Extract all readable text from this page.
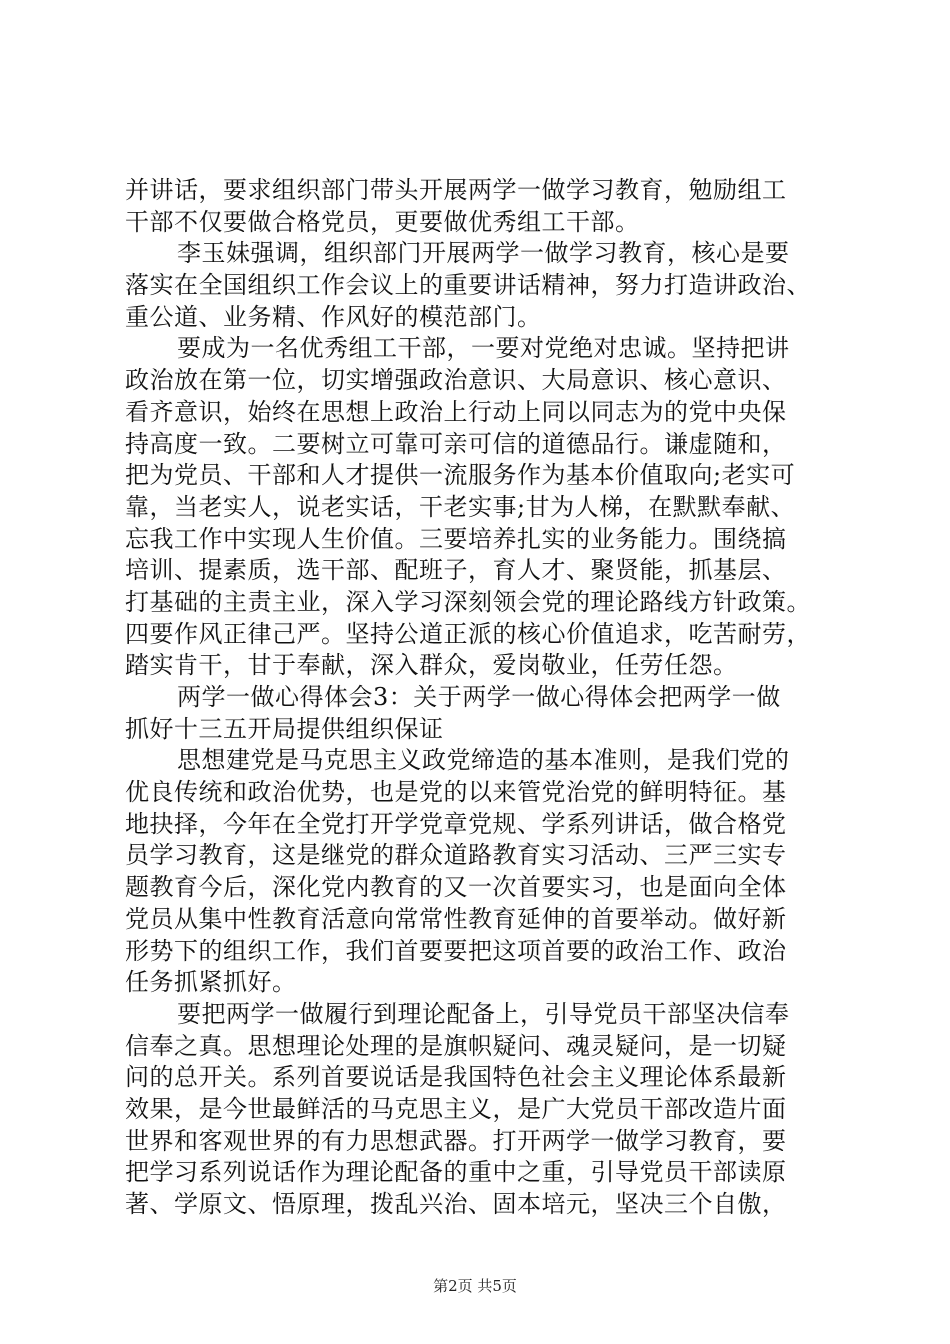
并讲话，要求组织部门带头开展两学一做学习教育，勉励组工
干部不仅要做合格党员，更要做优秀组工干部。
李玉妹强调，组织部门开展两学一做学习教育，核心是要
落实在全国组织工作会议上的重要讲话精神，努力打造讲政治、
重公道、业务精、作风好的模范部门。
要成为一名优秀组工干部，一要对党绝对忠诚。坚持把讲
政治放在第一位，切实增强政治意识、大局意识、核心意识、
看齐意识，始终在思想上政治上行动上同以同志为的党中央保
持高度一致。二要树立可靠可亲可信的道德品行。谦虚随和，
把为党员、干部和人才提供一流服务作为基本价值取向;老实可
靠，当老实人，说老实话，干老实事;甘为人梯，在默默奉献、
忘我工作中实现人生价值。三要培养扎实的业务能力。围绕搞
培训、提素质，选干部、配班子，育人才、聚贤能，抓基层、
打基础的主责主业，深入学习深刻领会党的理论路线方针政策。
四要作风正律己严。坚持公道正派的核心价值追求，吃苦耐劳，
踏实肯干，甘于奉献，深入群众，爱岗敬业，任劳任怨。
两学一做心得体会3：关于两学一做心得体会把两学一做
抓好十三五开局提供组织保证
思想建党是马克思主义政党缔造的基本准则，是我们党的
优良传统和政治优势，也是党的以来管党治党的鲜明特征。基
地抉择，今年在全党打开学党章党规、学系列讲话，做合格党
员学习教育，这是继党的群众道路教育实习活动、三严三实专
题教育今后，深化党内教育的又一次首要实习，也是面向全体
党员从集中性教育活意向常常性教育延伸的首要举动。做好新
形势下的组织工作，我们首要要把这项首要的政治工作、政治
任务抓紧抓好。
要把两学一做履行到理论配备上，引导党员干部坚决信奉
信奉之真。思想理论处理的是旗帜疑问、魂灵疑问，是一切疑
问的总开关。系列首要说话是我国特色社会主义理论体系最新
效果，是今世最鲜活的马克思主义，是广大党员干部改造片面
世界和客观世界的有力思想武器。打开两学一做学习教育，要
把学习系列说话作为理论配备的重中之重，引导党员干部读原
著、学原文、悟原理，拨乱兴治、固本培元，坚决三个自傲，
第2页 共5页
